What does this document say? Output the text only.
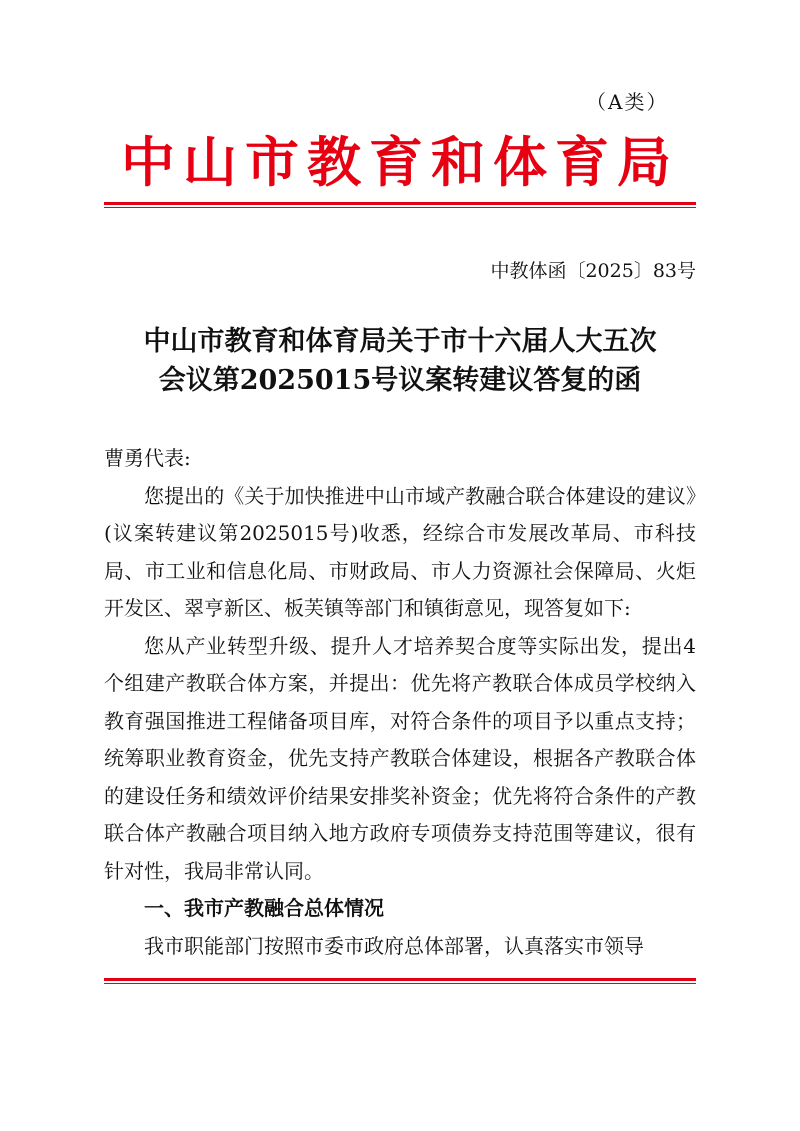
（A类）
中山市教育和体育局
中教体函〔2025〕83号
中山市教育和体育局关于市十六届人大五次
会议第2025015号议案转建议答复的函
曹勇代表:

您提出的《关于加快推进中山市域产教融合联合体建设的建议》(议案转建议第2025015号)收悉，经综合市发展改革局、市科技局、市工业和信息化局、市财政局、市人力资源社会保障局、火炬开发区、翠亨新区、板芙镇等部门和镇街意见，现答复如下:

您从产业转型升级、提升人才培养契合度等实际出发，提出4个组建产教联合体方案，并提出：优先将产教联合体成员学校纳入教育强国推进工程储备项目库，对符合条件的项目予以重点支持；统筹职业教育资金，优先支持产教联合体建设，根据各产教联合体的建设任务和绩效评价结果安排奖补资金；优先将符合条件的产教联合体产教融合项目纳入地方政府专项债券支持范围等建议，很有针对性，我局非常认同。

一、我市产教融合总体情况

我市职能部门按照市委市政府总体部署，认真落实市领导
